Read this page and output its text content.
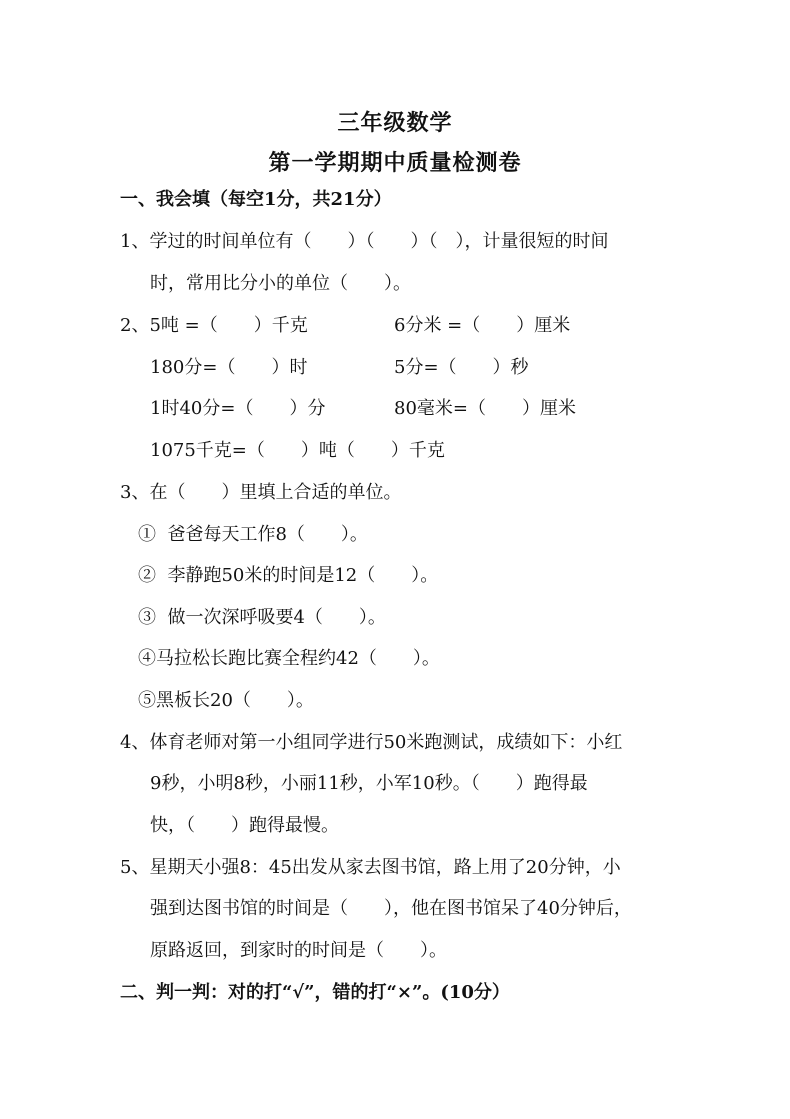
三年级数学
第一学期期中质量检测卷
一、我会填（每空1分，共21分）
1、学过的时间单位有（　　）（　　）（　），计量很短的时间
时，常用比分小的单位（　　）。
2、5吨 =（　　）千克	6分米 =（　　）厘米
180分=（　　）时	5分=（　　）秒
1时40分=（　　）分	80毫米=（　　）厘米
1075千克=（　　）吨（　　）千克
3、在（　　）里填上合适的单位。
①  爸爸每天工作8（　　）。
②  李静跑50米的时间是12（　　）。
③  做一次深呼吸要4（　　）。
④马拉松长跑比赛全程约42（　　）。
⑤黑板长20（　　）。
4、体育老师对第一小组同学进行50米跑测试，成绩如下：小红
9秒，小明8秒，小丽11秒，小军10秒。（　　）跑得最
快，（　　）跑得最慢。
5、星期天小强8：45出发从家去图书馆，路上用了20分钟，小
强到达图书馆的时间是（　　），他在图书馆呆了40分钟后，
原路返回，到家时的时间是（　　）。
二、判一判：对的打“√”，错的打“×”。(10分）
